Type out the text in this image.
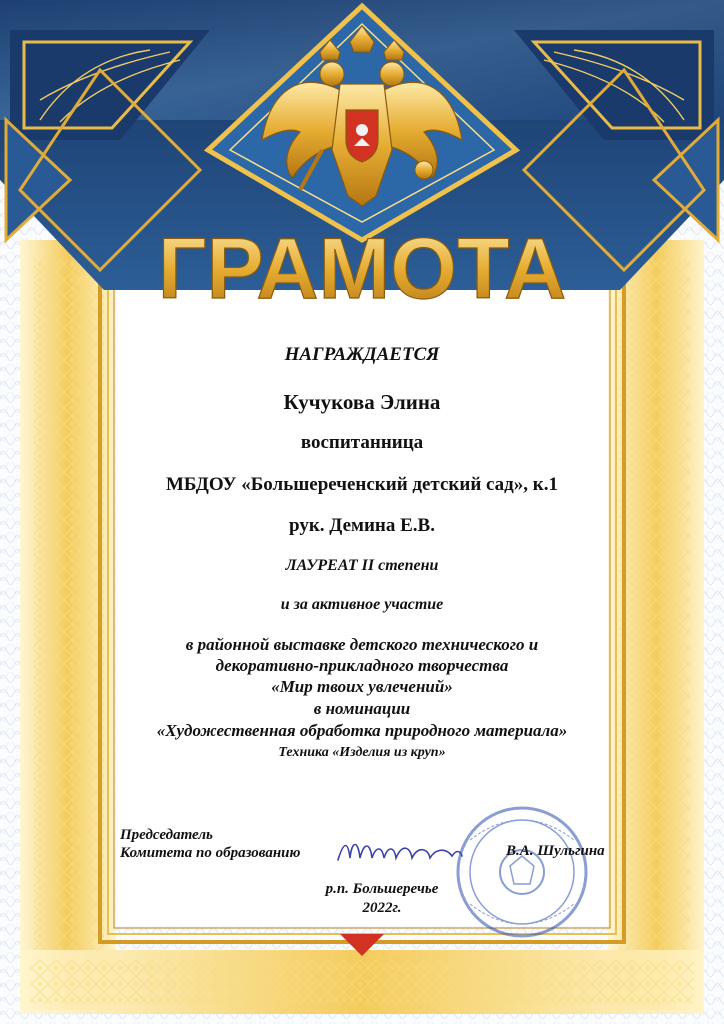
ГРАМОТА
НАГРАЖДАЕТСЯ
Кучукова Элина
воспитанница
МБДОУ «Большереченский детский сад», к.1
рук. Демина Е.В.
ЛАУРЕАТ II степени
и за активное участие
в районной выставке детского технического и
декоративно-прикладного творчества
«Мир твоих увлечений»
в номинации
«Художественная обработка природного материала»
Техника «Изделия из круп»
Председатель
Комитета по образованию	В.А. Шульгина
р.п. Большеречье
2022г.
